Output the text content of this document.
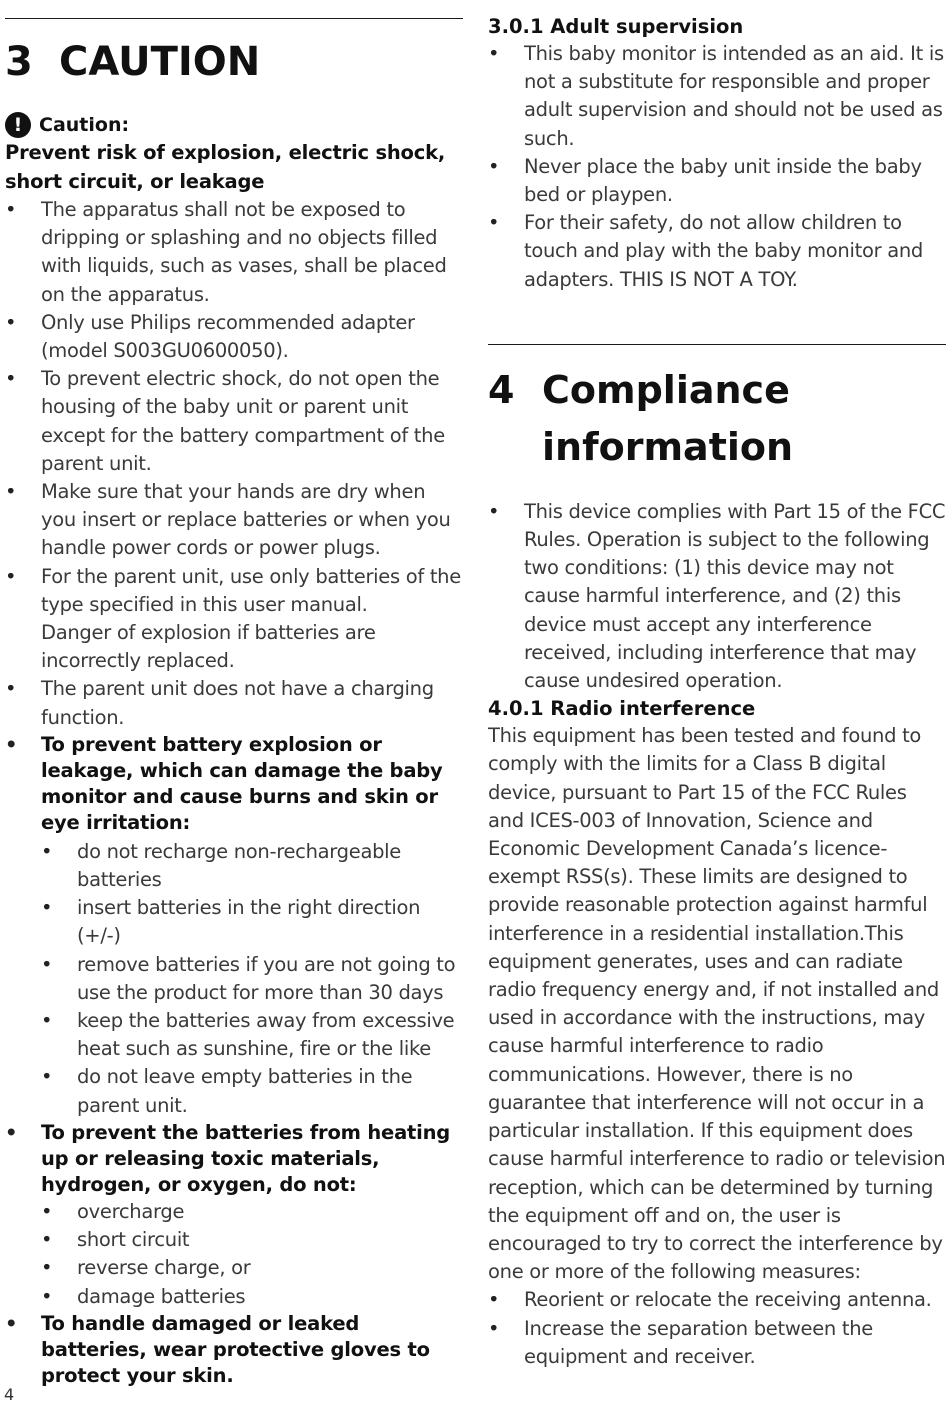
3 CAUTION
! Caution:
Prevent risk of explosion, electric shock, short circuit, or leakage
•	The apparatus shall not be exposed to dripping or splashing and no objects filled with liquids, such as vases, shall be placed on the apparatus.
•	Only use Philips recommended adapter (model S003GU0600050).
•	To prevent electric shock, do not open the housing of the baby unit or parent unit except for the battery compartment of the parent unit.
•	Make sure that your hands are dry when you insert or replace batteries or when you handle power cords or power plugs.
•	For the parent unit, use only batteries of the type specified in this user manual.
Danger of explosion if batteries are incorrectly replaced.
•	The parent unit does not have a charging function.
•	To prevent battery explosion or leakage, which can damage the baby monitor and cause burns and skin or eye irritation:
•	do not recharge non-rechargeable batteries
•	insert batteries in the right direction (+/-)
•	remove batteries if you are not going to use the product for more than 30 days
•	keep the batteries away from excessive heat such as sunshine, fire or the like
•	do not leave empty batteries in the parent unit.
•	To prevent the batteries from heating up or releasing toxic materials, hydrogen, or oxygen, do not:
•	overcharge
•	short circuit
•	reverse charge, or
•	damage batteries
•	To handle damaged or leaked batteries, wear protective gloves to protect your skin.
3.0.1 Adult supervision
•	This baby monitor is intended as an aid. It is not a substitute for responsible and proper adult supervision and should not be used as such.
•	Never place the baby unit inside the baby bed or playpen.
•	For their safety, do not allow children to touch and play with the baby monitor and adapters. THIS IS NOT A TOY.
4 Compliance
information
•	This device complies with Part 15 of the FCC Rules. Operation is subject to the following two conditions: (1) this device may not cause harmful interference, and (2) this device must accept any interference received, including interference that may cause undesired operation.
4.0.1 Radio interference
This equipment has been tested and found to comply with the limits for a Class B digital device, pursuant to Part 15 of the FCC Rules and ICES-003 of Innovation, Science and Economic Development Canada’s licence-exempt RSS(s). These limits are designed to provide reasonable protection against harmful interference in a residential installation.This equipment generates, uses and can radiate radio frequency energy and, if not installed and used in accordance with the instructions, may cause harmful interference to radio communications. However, there is no guarantee that interference will not occur in a particular installation. If this equipment does cause harmful interference to radio or television reception, which can be determined by turning the equipment off and on, the user is encouraged to try to correct the interference by one or more of the following measures:
•	Reorient or relocate the receiving antenna.
•	Increase the separation between the equipment and receiver.
4
